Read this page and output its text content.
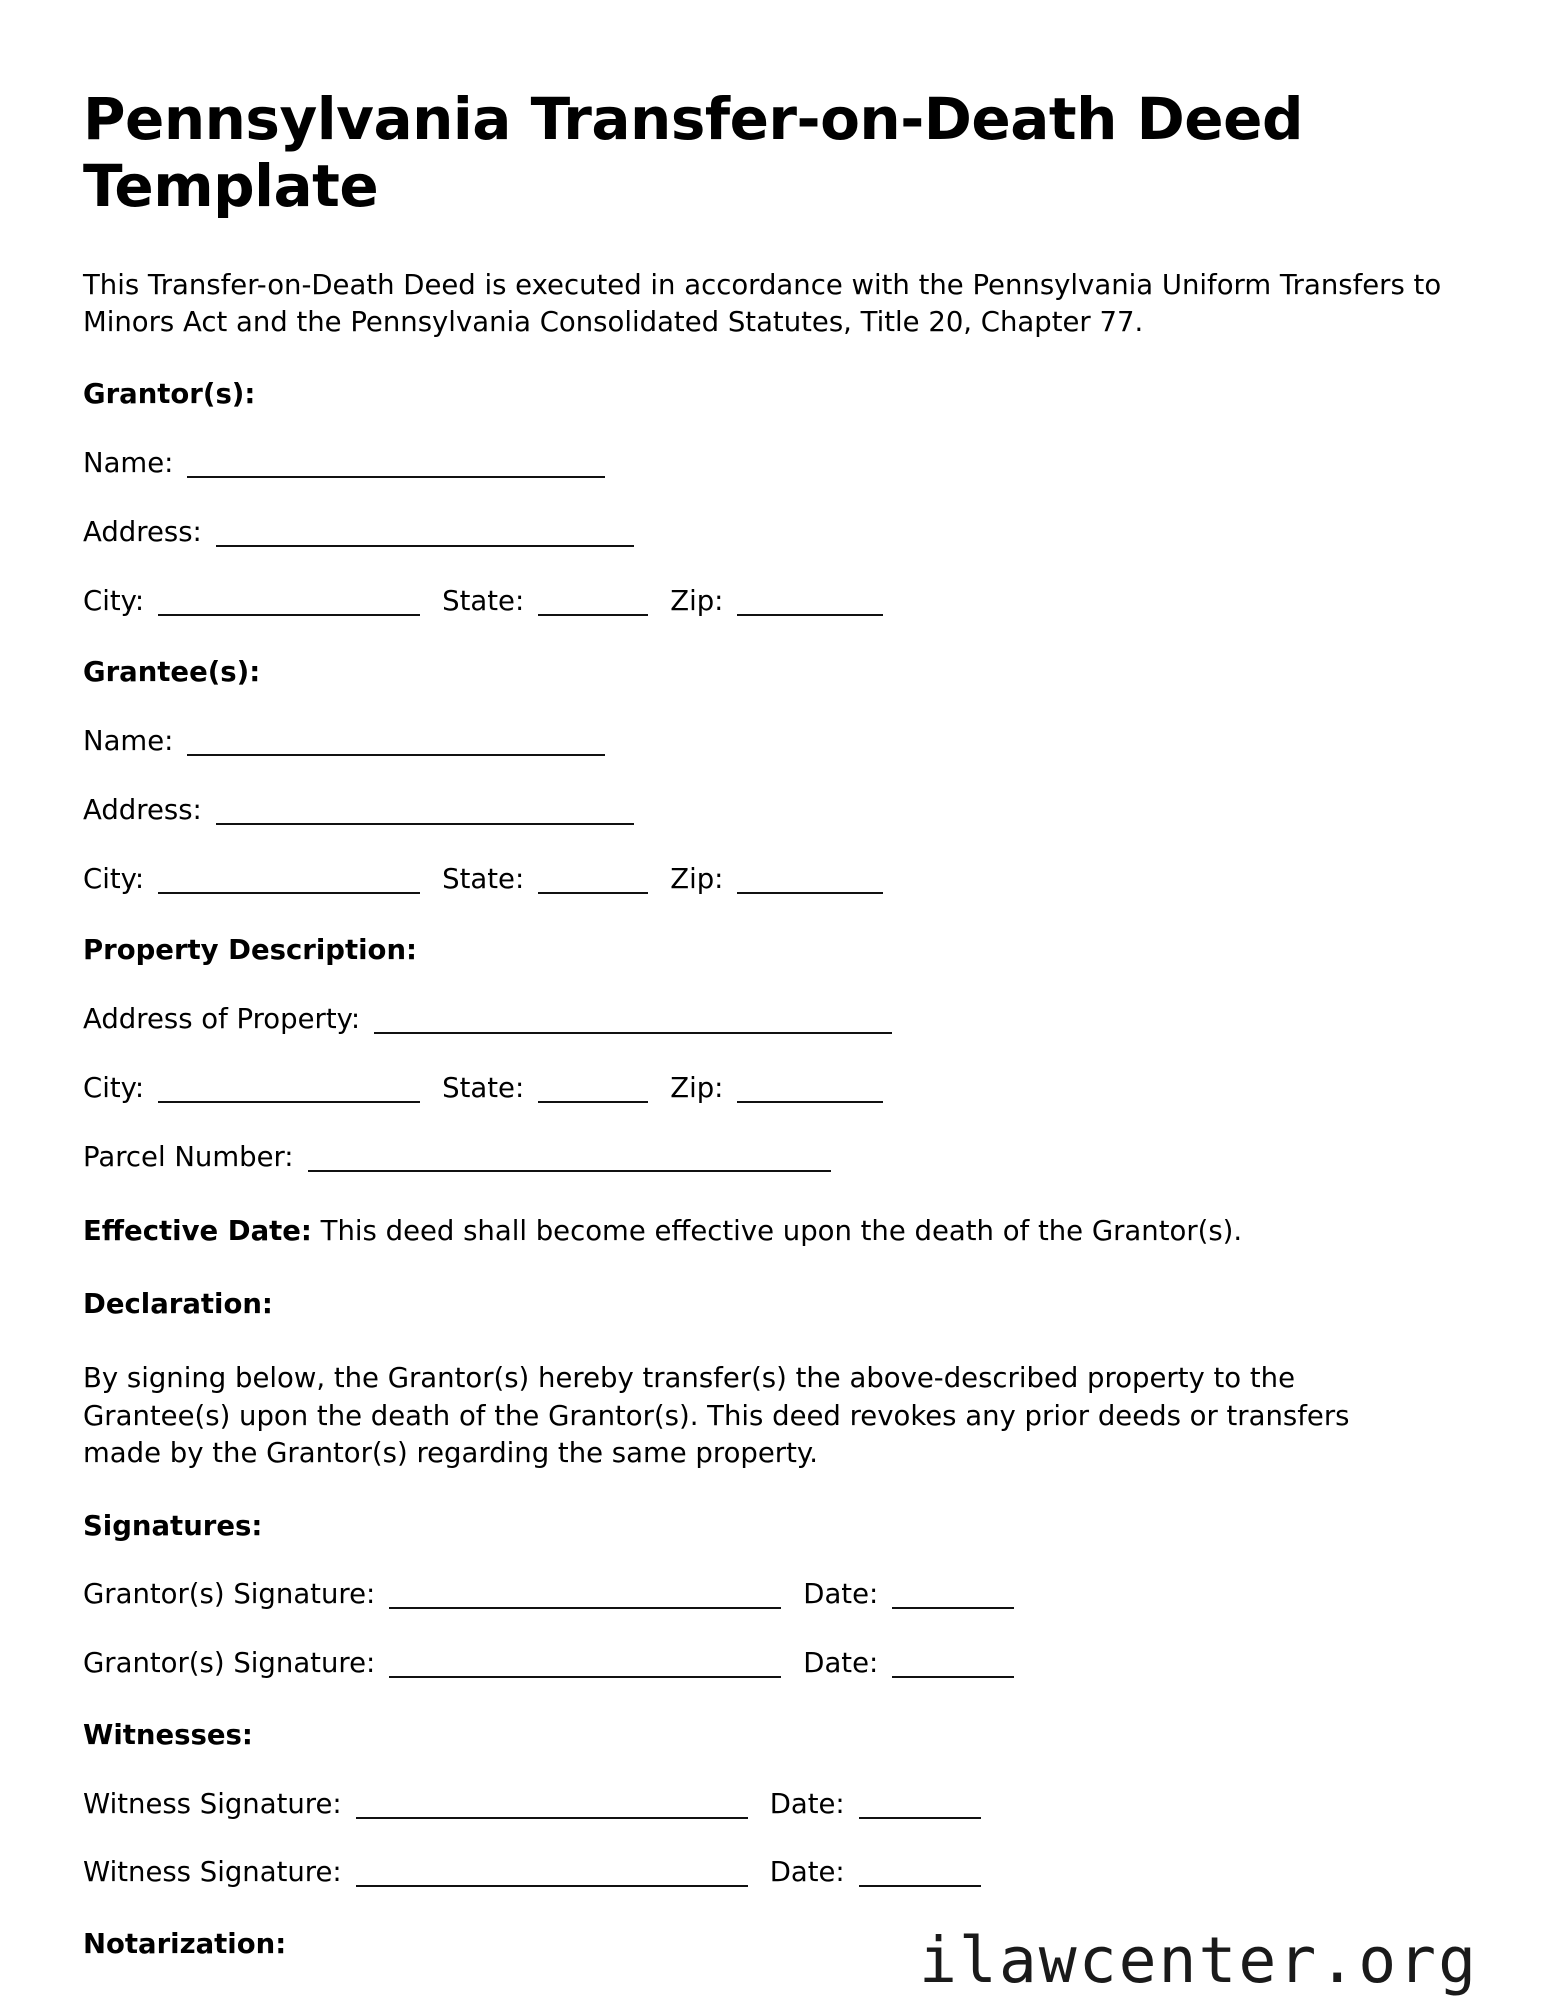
Pennsylvania Transfer-on-Death Deed Template

This Transfer-on-Death Deed is executed in accordance with the Pennsylvania Uniform Transfers to Minors Act and the Pennsylvania Consolidated Statutes, Title 20, Chapter 77.

Grantor(s):
Name:
Address:
City:	State:	Zip:
Grantee(s):
Name:
Address:
City:	State:	Zip:
Property Description:
Address of Property:
City:	State:	Zip:
Parcel Number:
Effective Date: This deed shall become effective upon the death of the Grantor(s).
Declaration:

By signing below, the Grantor(s) hereby transfer(s) the above-described property to the Grantee(s) upon the death of the Grantor(s). This deed revokes any prior deeds or transfers made by the Grantor(s) regarding the same property.

Signatures:
Grantor(s) Signature:	Date:
Grantor(s) Signature:	Date:
Witnesses:
Witness Signature:	Date:
Witness Signature:	Date:
Notarization:	ilawcenter.org
